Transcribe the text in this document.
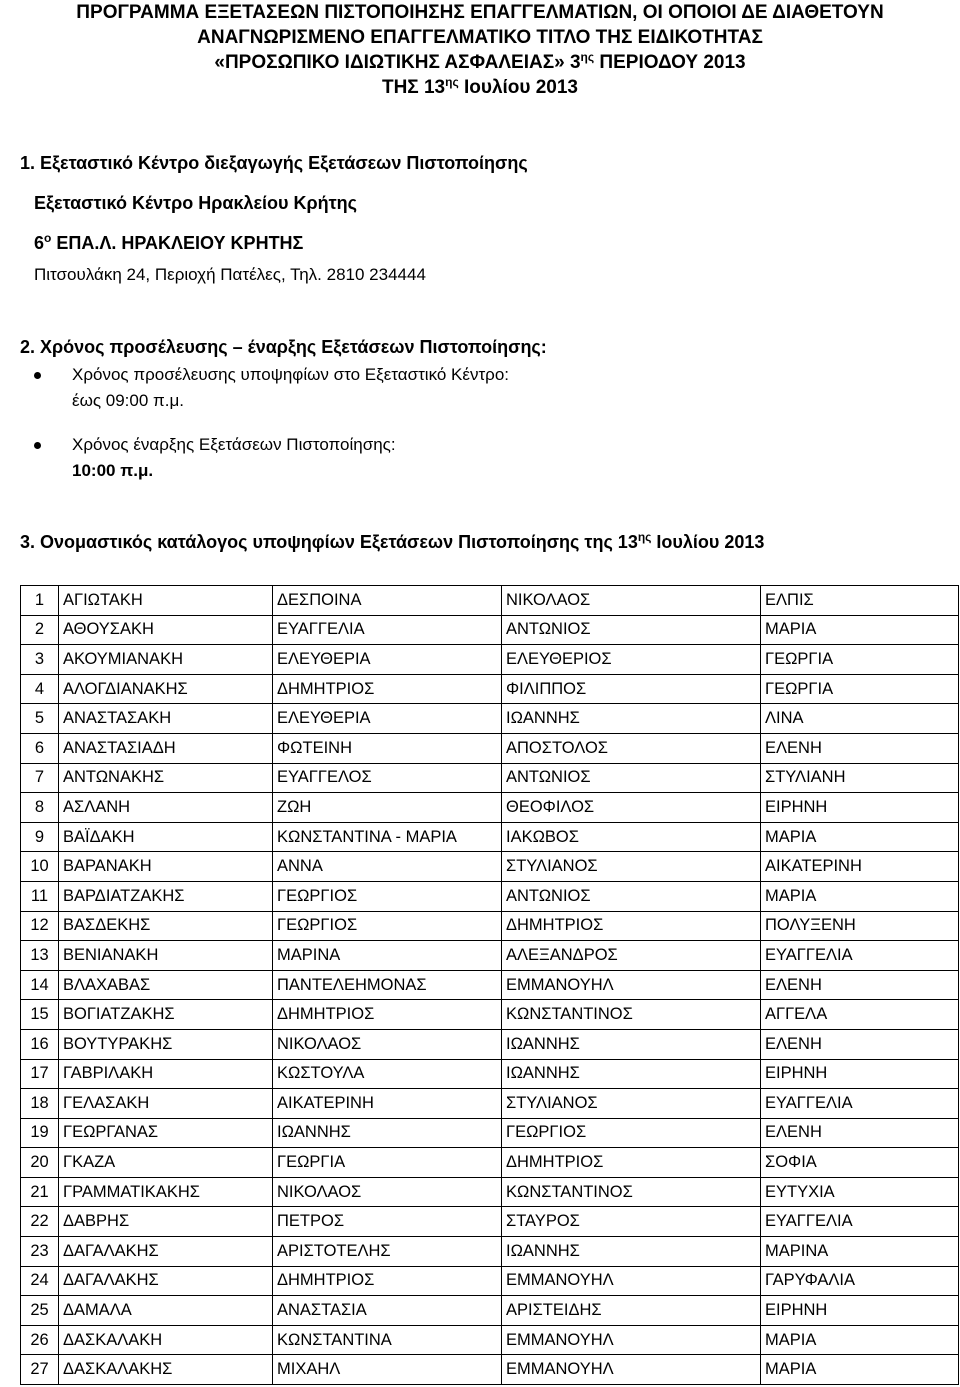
ΠΡΟΓΡΑΜΜΑ ΕΞΕΤΑΣΕΩΝ ΠΙΣΤΟΠΟΙΗΣΗΣ ΕΠΑΓΓΕΛΜΑΤΙΩΝ, ΟΙ ΟΠΟΙΟΙ ΔΕ ΔΙΑΘΕΤΟΥΝ
ΑΝΑΓΝΩΡΙΣΜΕΝΟ ΕΠΑΓΓΕΛΜΑΤΙΚΟ ΤΙΤΛΟ ΤΗΣ ΕΙΔΙΚΟΤΗΤΑΣ
«ΠΡΟΣΩΠΙΚΟ ΙΔΙΩΤΙΚΗΣ ΑΣΦΑΛΕΙΑΣ» $3^{\eta\varsigma}$ ΠΕΡΙΟΔΟΥ 2013
ΤΗΣ $13^{\eta\varsigma}$ Ιουλίου 2013
1. Εξεταστικό Κέντρο διεξαγωγής Εξετάσεων Πιστοποίησης
Εξεταστικό Κέντρο Ηρακλείου Κρήτης
$6^o$ ΕΠΑ.Λ. ΗΡΑΚΛΕΙΟΥ ΚΡΗΤΗΣ
Πιτσουλάκη 24, Περιοχή Πατέλες, Τηλ. 2810 234444
2. Χρόνος προσέλευσης – έναρξης Εξετάσεων Πιστοποίησης:
Χρόνος προσέλευσης υποψηφίων στο Εξεταστικό Κέντρο:
έως 09:00 π.μ.
Χρόνος έναρξης Εξετάσεων Πιστοποίησης:
10:00 π.μ.
3. Ονομαστικός κατάλογος υποψηφίων Εξετάσεων Πιστοποίησης της $13^{\eta\varsigma}$ Ιουλίου 2013
1	ΑΓΙΩΤΑΚΗ	ΔΕΣΠΟΙΝΑ	ΝΙΚΟΛΑΟΣ	ΕΛΠΙΣ
2	ΑΘΟΥΣΑΚΗ	ΕΥΑΓΓΕΛΙΑ	ΑΝΤΩΝΙΟΣ	ΜΑΡΙΑ
3	ΑΚΟΥΜΙΑΝΑΚΗ	ΕΛΕΥΘΕΡΙΑ	ΕΛΕΥΘΕΡΙΟΣ	ΓΕΩΡΓΙΑ
4	ΑΛΟΓΔΙΑΝΑΚΗΣ	ΔΗΜΗΤΡΙΟΣ	ΦΙΛΙΠΠΟΣ	ΓΕΩΡΓΙΑ
5	ΑΝΑΣΤΑΣΑΚΗ	ΕΛΕΥΘΕΡΙΑ	ΙΩΑΝΝΗΣ	ΛΙΝΑ
6	ΑΝΑΣΤΑΣΙΑΔΗ	ΦΩΤΕΙΝΗ	ΑΠΟΣΤΟΛΟΣ	ΕΛΕΝΗ
7	ΑΝΤΩΝΑΚΗΣ	ΕΥΑΓΓΕΛΟΣ	ΑΝΤΩΝΙΟΣ	ΣΤΥΛΙΑΝΗ
8	ΑΣΛΑΝΗ	ΖΩΗ	ΘΕΟΦΙΛΟΣ	ΕΙΡΗΝΗ
9	ΒΑΪΔΑΚΗ	ΚΩΝΣΤΑΝΤΙΝΑ - ΜΑΡΙΑ	ΙΑΚΩΒΟΣ	ΜΑΡΙΑ
10	ΒΑΡΑΝΑΚΗ	ΑΝΝΑ	ΣΤΥΛΙΑΝΟΣ	ΑΙΚΑΤΕΡΙΝΗ
11	ΒΑΡΔΙΑΤΖΑΚΗΣ	ΓΕΩΡΓΙΟΣ	ΑΝΤΩΝΙΟΣ	ΜΑΡΙΑ
12	ΒΑΣΔΕΚΗΣ	ΓΕΩΡΓΙΟΣ	ΔΗΜΗΤΡΙΟΣ	ΠΟΛΥΞΕΝΗ
13	ΒΕΝΙΑΝΑΚΗ	ΜΑΡΙΝΑ	ΑΛΕΞΑΝΔΡΟΣ	ΕΥΑΓΓΕΛΙΑ
14	ΒΛΑΧΑΒΑΣ	ΠΑΝΤΕΛΕΗΜΟΝΑΣ	ΕΜΜΑΝΟΥΗΛ	ΕΛΕΝΗ
15	ΒΟΓΙΑΤΖΑΚΗΣ	ΔΗΜΗΤΡΙΟΣ	ΚΩΝΣΤΑΝΤΙΝΟΣ	ΑΓΓΕΛΑ
16	ΒΟΥΤΥΡΑΚΗΣ	ΝΙΚΟΛΑΟΣ	ΙΩΑΝΝΗΣ	ΕΛΕΝΗ
17	ΓΑΒΡΙΛΑΚΗ	ΚΩΣΤΟΥΛΑ	ΙΩΑΝΝΗΣ	ΕΙΡΗΝΗ
18	ΓΕΛΑΣΑΚΗ	ΑΙΚΑΤΕΡΙΝΗ	ΣΤΥΛΙΑΝΟΣ	ΕΥΑΓΓΕΛΙΑ
19	ΓΕΩΡΓΑΝΑΣ	ΙΩΑΝΝΗΣ	ΓΕΩΡΓΙΟΣ	ΕΛΕΝΗ
20	ΓΚΑΖΑ	ΓΕΩΡΓΙΑ	ΔΗΜΗΤΡΙΟΣ	ΣΟΦΙΑ
21	ΓΡΑΜΜΑΤΙΚΑΚΗΣ	ΝΙΚΟΛΑΟΣ	ΚΩΝΣΤΑΝΤΙΝΟΣ	ΕΥΤΥΧΙΑ
22	ΔΑΒΡΗΣ	ΠΕΤΡΟΣ	ΣΤΑΥΡΟΣ	ΕΥΑΓΓΕΛΙΑ
23	ΔΑΓΑΛΑΚΗΣ	ΑΡΙΣΤΟΤΕΛΗΣ	ΙΩΑΝΝΗΣ	ΜΑΡΙΝΑ
24	ΔΑΓΑΛΑΚΗΣ	ΔΗΜΗΤΡΙΟΣ	ΕΜΜΑΝΟΥΗΛ	ΓΑΡΥΦΑΛΙΑ
25	ΔΑΜΑΛΑ	ΑΝΑΣΤΑΣΙΑ	ΑΡΙΣΤΕΙΔΗΣ	ΕΙΡΗΝΗ
26	ΔΑΣΚΑΛΑΚΗ	ΚΩΝΣΤΑΝΤΙΝΑ	ΕΜΜΑΝΟΥΗΛ	ΜΑΡΙΑ
27	ΔΑΣΚΑΛΑΚΗΣ	ΜΙΧΑΗΛ	ΕΜΜΑΝΟΥΗΛ	ΜΑΡΙΑ
